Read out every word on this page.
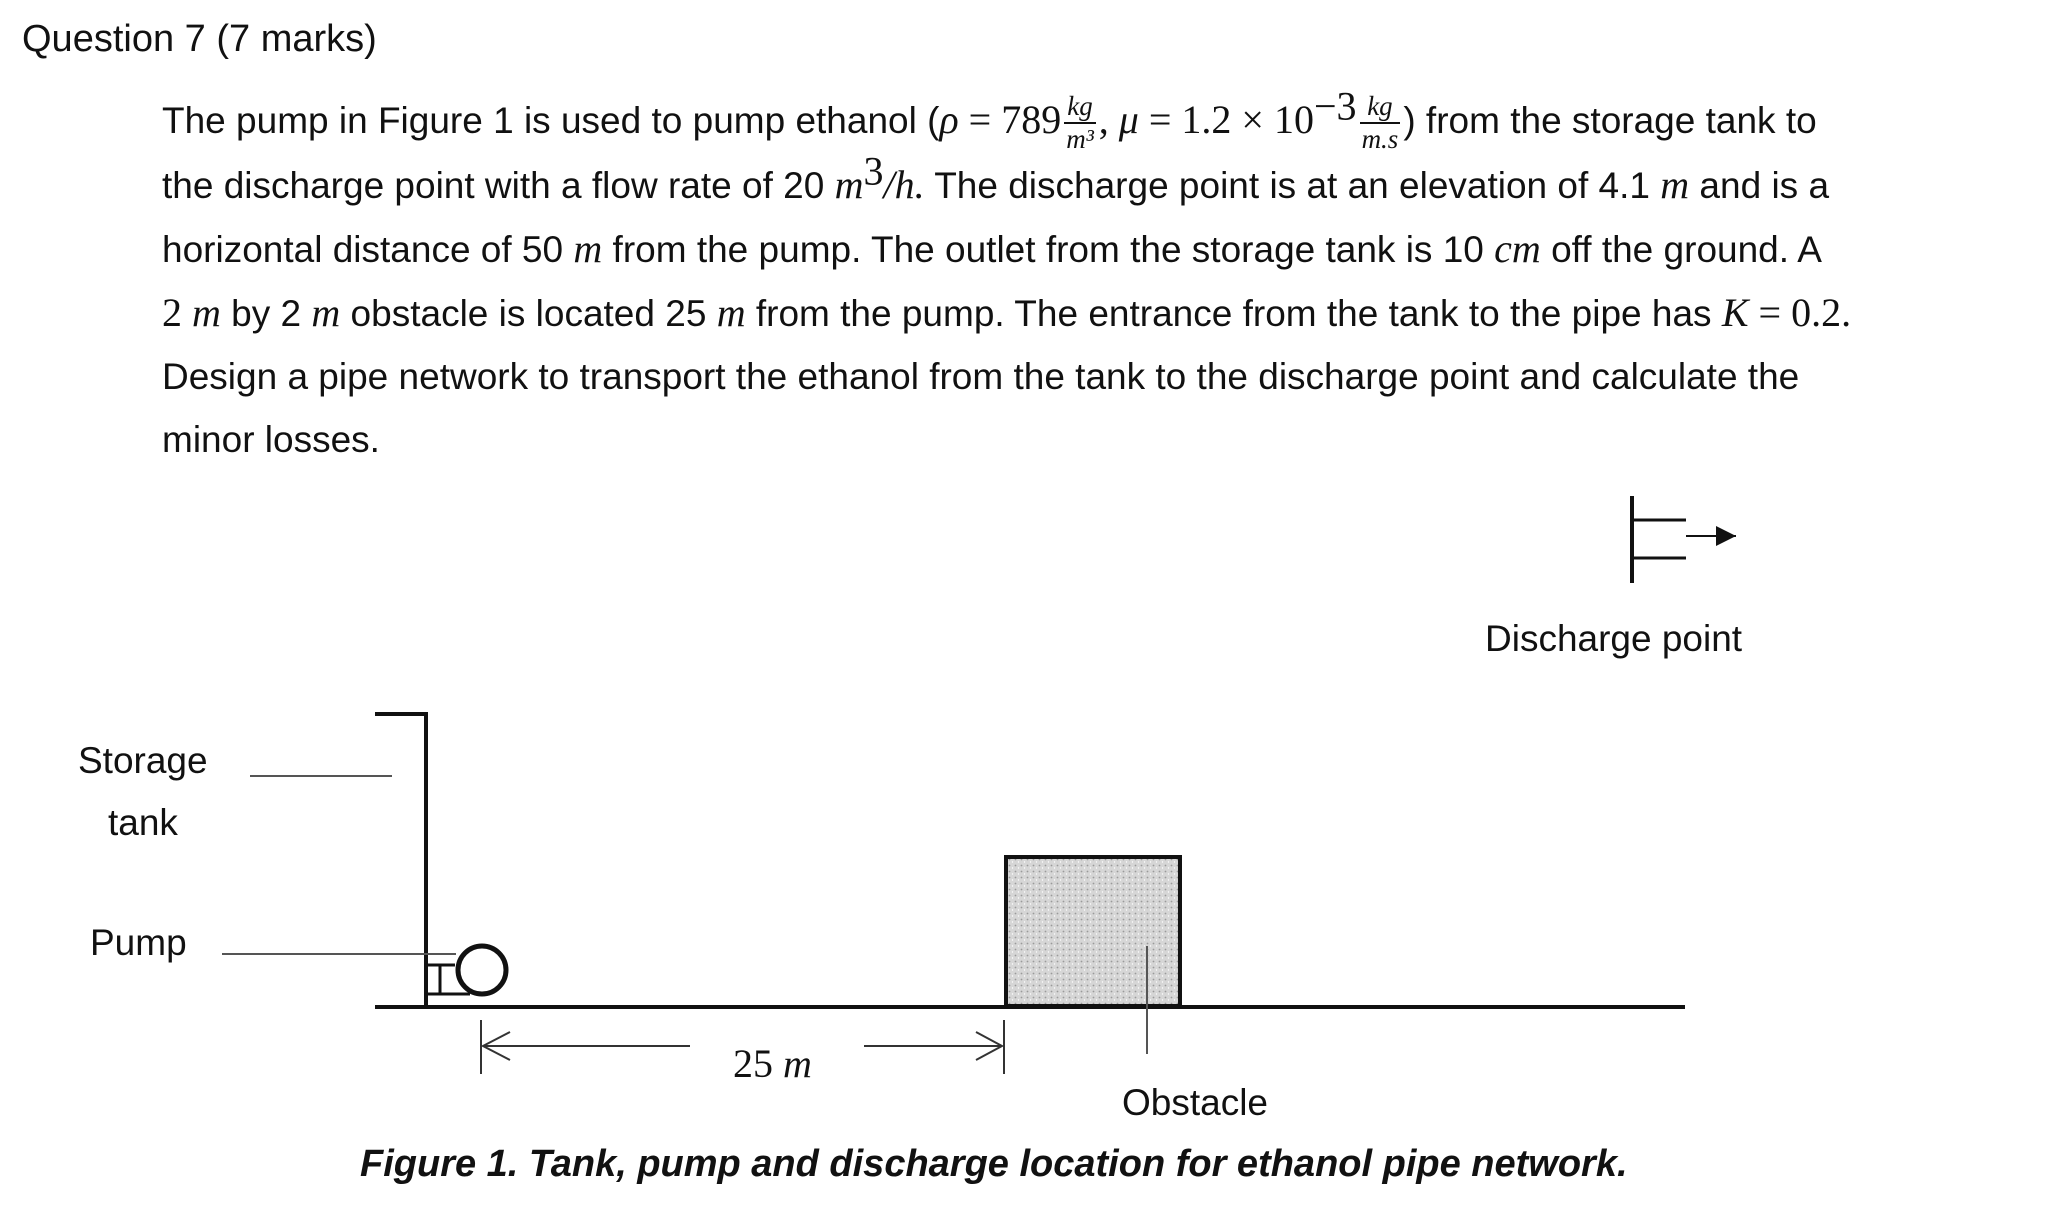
Question 7 (7 marks)
The pump in Figure 1 is used to pump ethanol ($\rho = 789 \frac{kg}{\text{m³}}$ , $\mu = 1.2 \times 10^{-3} \frac{kg}{m.s}$ ) from the storage tank to
the discharge point with a flow rate of 20 $m^3/h$. The discharge point is at an elevation of 4.1 m and is a
horizontal distance of 50 m from the pump. The outlet from the storage tank is 10 cm off the ground. A
2 m by 2 m obstacle is located 25 m from the pump. The entrance from the tank to the pipe has K = 0.2.
Design a pipe network to transport the ethanol from the tank to the discharge point and calculate the
minor losses.
Storage
tank
Pump
Discharge point
25 m
Obstacle
Figure 1. Tank, pump and discharge location for ethanol pipe network.
